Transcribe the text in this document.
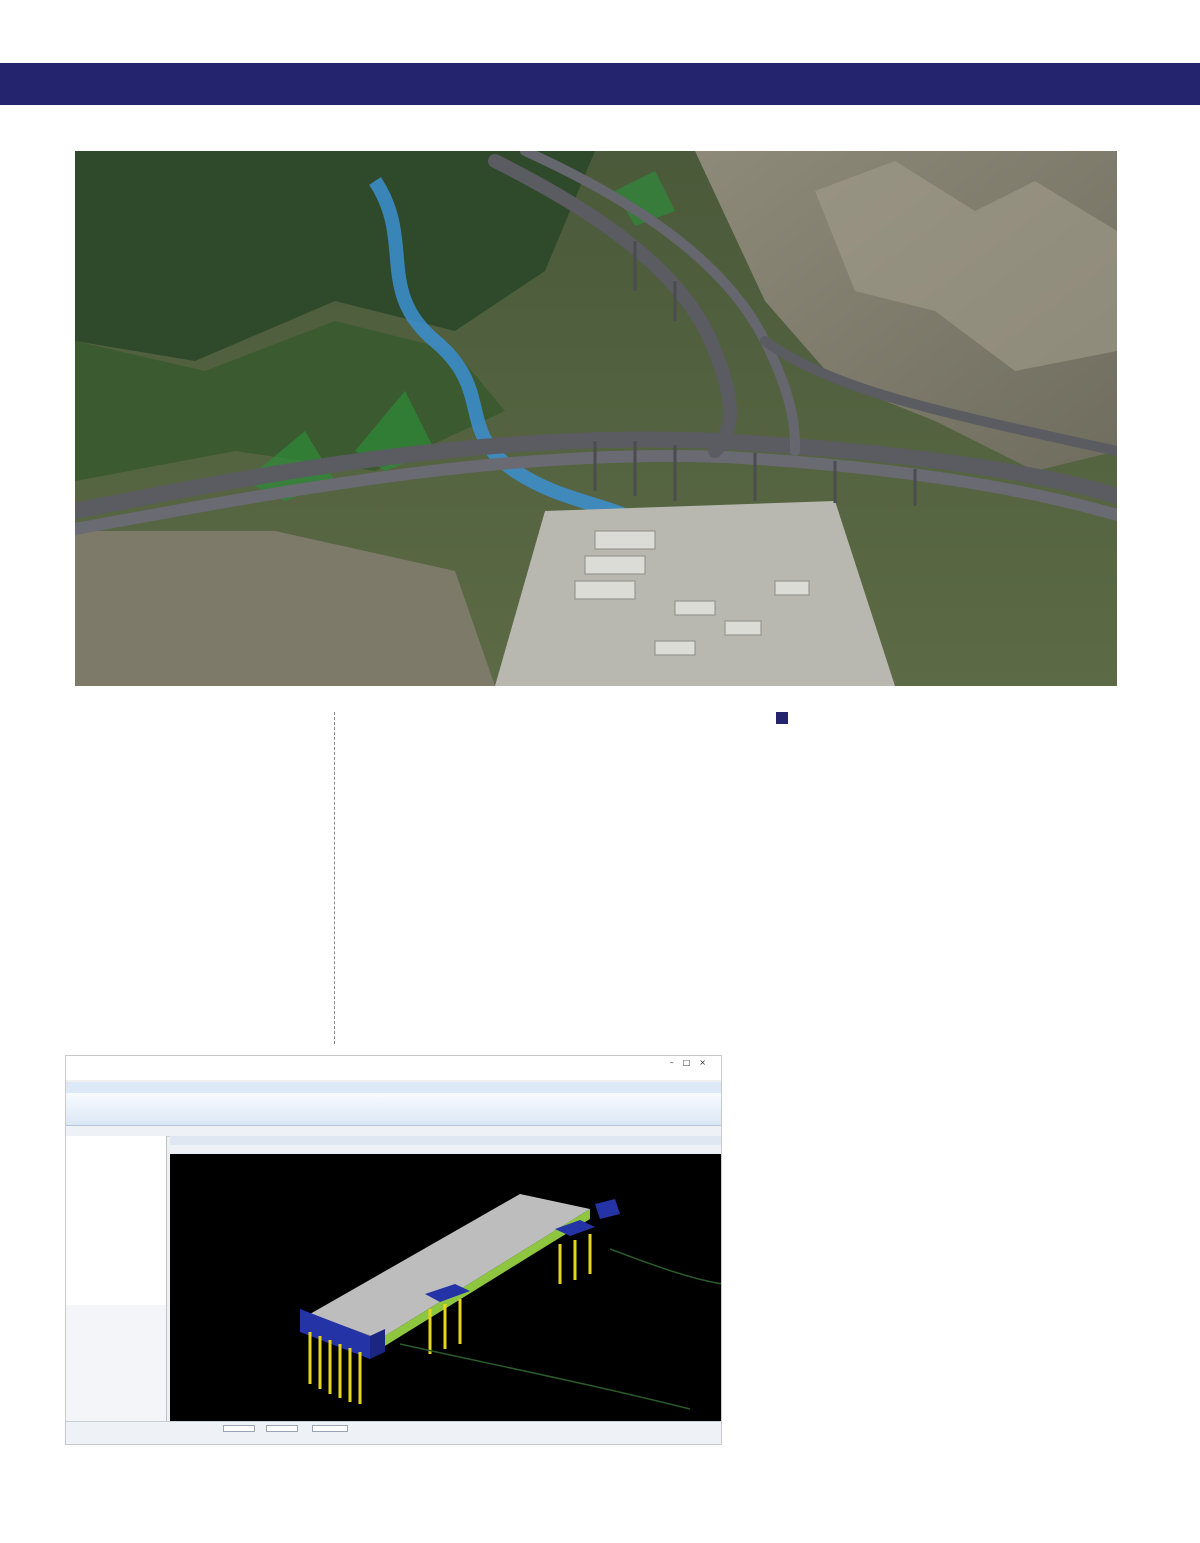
–□×
